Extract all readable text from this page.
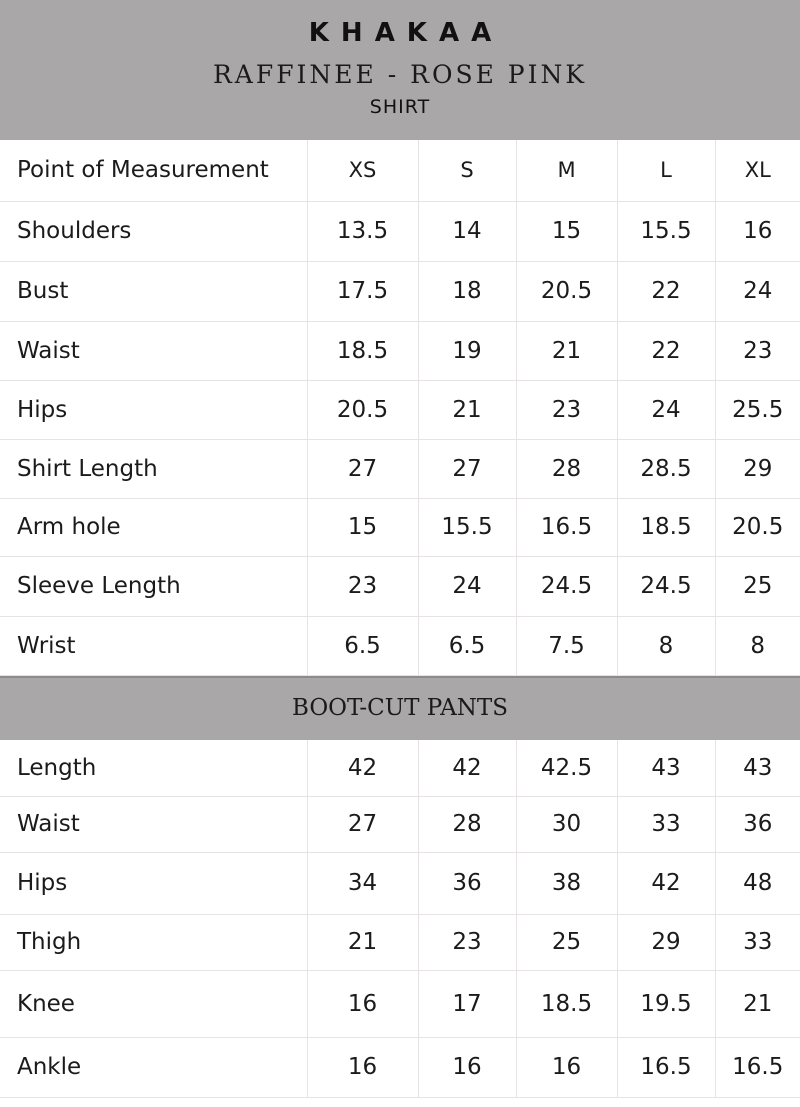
KHAKAA
RAFFINEE - ROSE PINK
SHIRT
Point of Measurement	XS	S	M	L	XL
Shoulders	13.5	14	15	15.5	16
Bust	17.5	18	20.5	22	24
Waist	18.5	19	21	22	23
Hips	20.5	21	23	24	25.5
Shirt Length	27	27	28	28.5	29
Arm hole	15	15.5	16.5	18.5	20.5
Sleeve Length	23	24	24.5	24.5	25
Wrist	6.5	6.5	7.5	8	8
BOOT-CUT PANTS
Length	42	42	42.5	43	43
Waist	27	28	30	33	36
Hips	34	36	38	42	48
Thigh	21	23	25	29	33
Knee	16	17	18.5	19.5	21
Ankle	16	16	16	16.5	16.5
